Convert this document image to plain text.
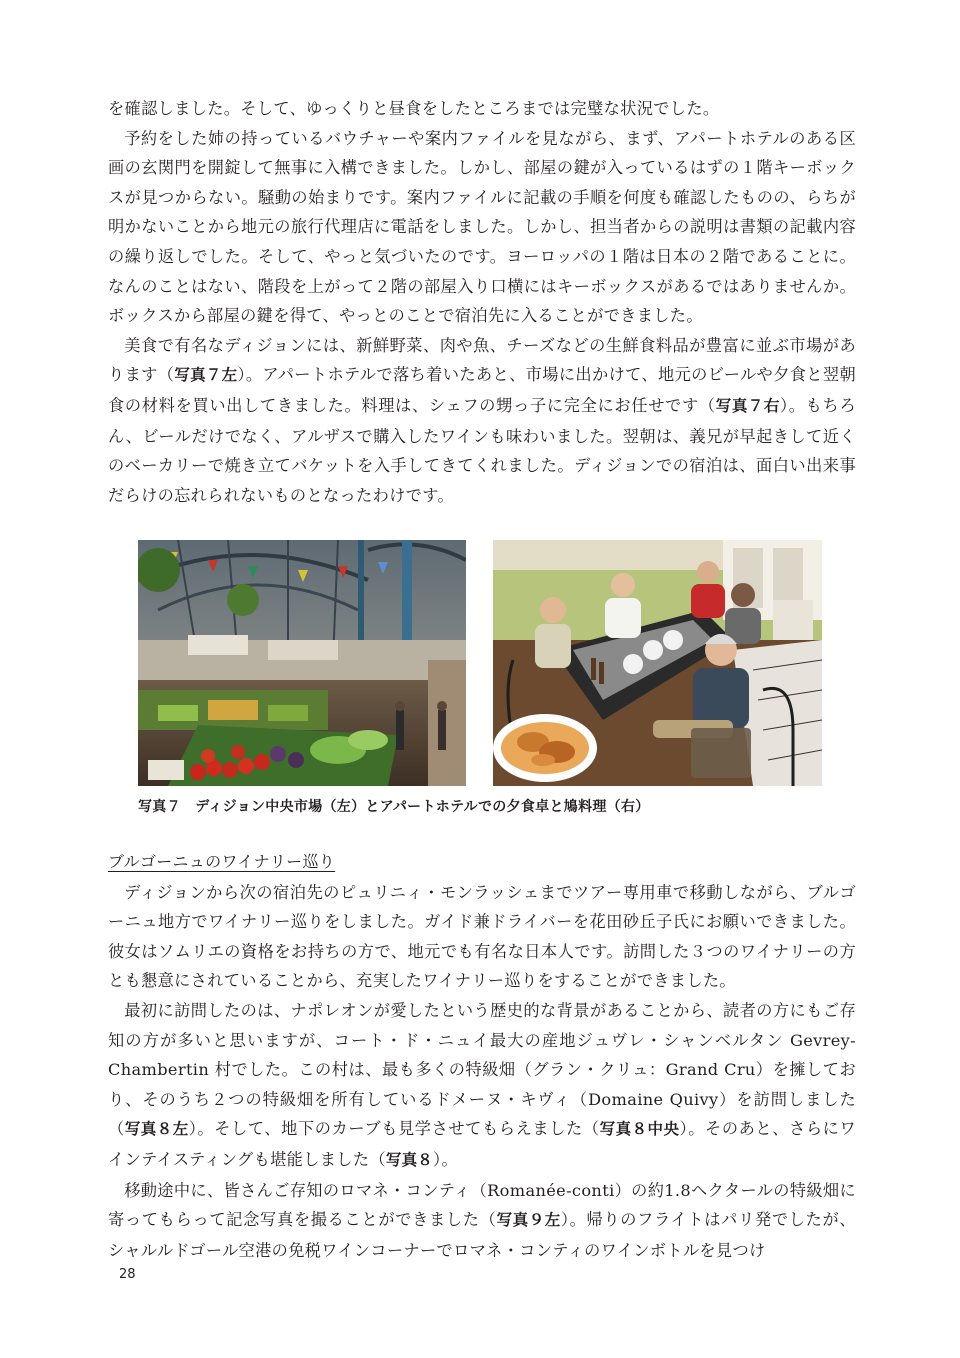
を確認しました。そして、ゆっくりと昼食をしたところまでは完璧な状況でした。

予約をした姉の持っているバウチャーや案内ファイルを見ながら、まず、アパートホテルのある区画の玄関門を開錠して無事に入構できました。しかし、部屋の鍵が入っているはずの１階キーボックスが見つからない。騒動の始まりです。案内ファイルに記載の手順を何度も確認したものの、らちが明かないことから地元の旅行代理店に電話をしました。しかし、担当者からの説明は書類の記載内容の繰り返しでした。そして、やっと気づいたのです。ヨーロッパの１階は日本の２階であることに。なんのことはない、階段を上がって２階の部屋入り口横にはキーボックスがあるではありませんか。ボックスから部屋の鍵を得て、やっとのことで宿泊先に入ることができました。

美食で有名なディジョンには、新鮮野菜、肉や魚、チーズなどの生鮮食料品が豊富に並ぶ市場があります（写真７左）。アパートホテルで落ち着いたあと、市場に出かけて、地元のビールや夕食と翌朝食の材料を買い出してきました。料理は、シェフの甥っ子に完全にお任せです（写真７右）。もちろん、ビールだけでなく、アルザスで購入したワインも味わいました。翌朝は、義兄が早起きして近くのベーカリーで焼き立てバケットを入手してきてくれました。ディジョンでの宿泊は、面白い出来事だらけの忘れられないものとなったわけです。

写真７　ディジョン中央市場（左）とアパートホテルでの夕食卓と鳩料理（右）

ブルゴーニュのワイナリー巡り

ディジョンから次の宿泊先のピュリニィ・モンラッシェまでツアー専用車で移動しながら、ブルゴーニュ地方でワイナリー巡りをしました。ガイド兼ドライバーを花田砂丘子氏にお願いできました。彼女はソムリエの資格をお持ちの方で、地元でも有名な日本人です。訪問した３つのワイナリーの方とも懇意にされていることから、充実したワイナリー巡りをすることができました。

最初に訪問したのは、ナポレオンが愛したという歴史的な背景があることから、読者の方にもご存知の方が多いと思いますが、コート・ド・ニュイ最大の産地ジュヴレ・シャンベルタン Gevrey-Chambertin 村でした。この村は、最も多くの特級畑（グラン・クリュ：Grand Cru）を擁しており、そのうち２つの特級畑を所有しているドメーヌ・キヴィ（Domaine Quivy）を訪問しました（写真８左）。そして、地下のカーブも見学させてもらえました（写真８中央）。そのあと、さらにワインテイスティングも堪能しました（写真８）。

移動途中に、皆さんご存知のロマネ・コンティ（Romanée-conti）の約1.8ヘクタールの特級畑に寄ってもらって記念写真を撮ることができました（写真９左）。帰りのフライトはパリ発でしたが、シャルルドゴール空港の免税ワインコーナーでロマネ・コンティのワインボトルを見つけ

28
